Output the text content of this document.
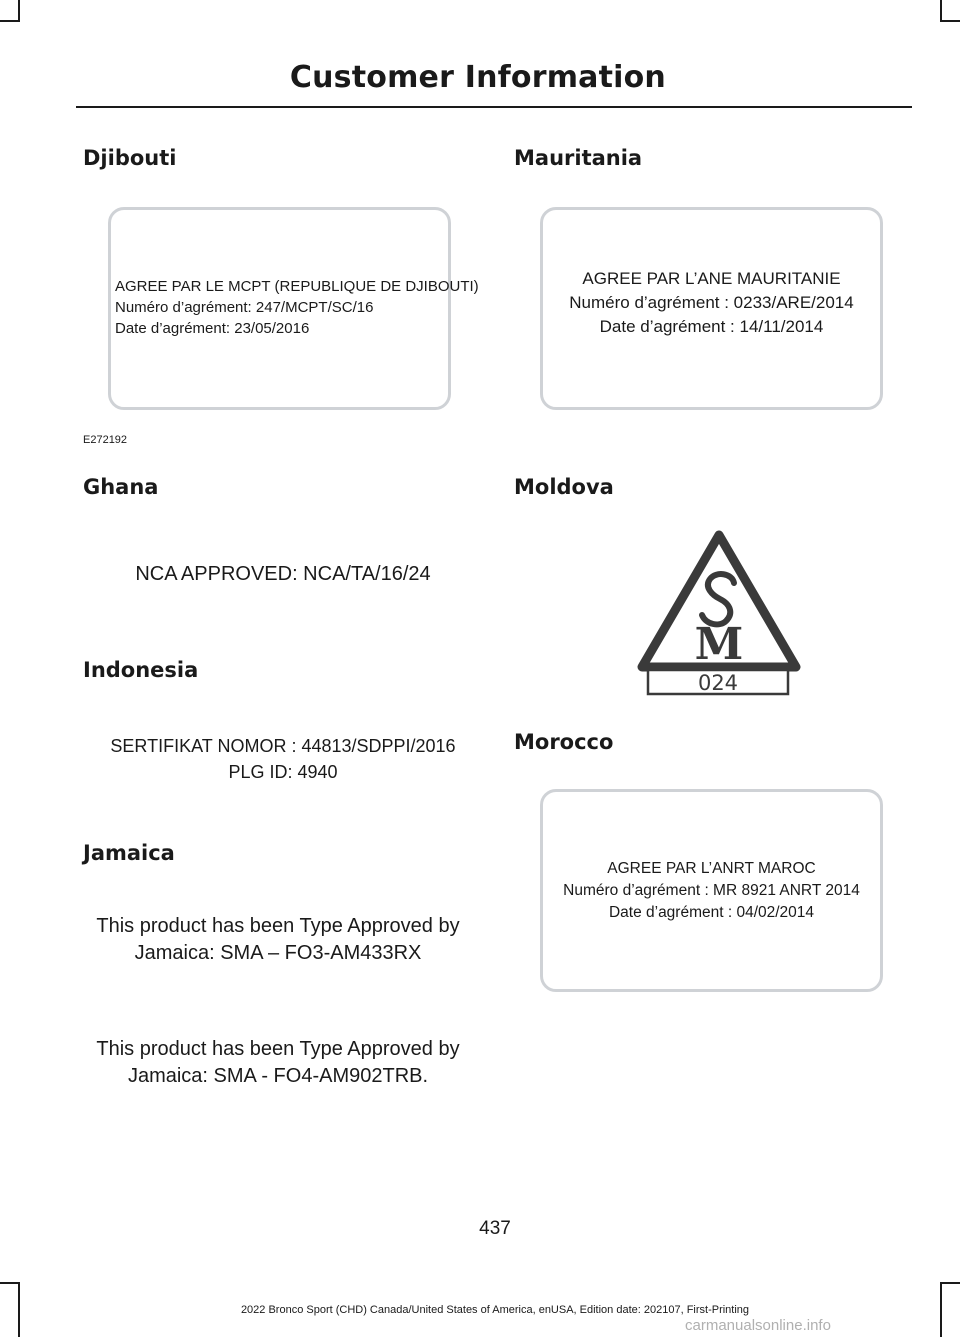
Customer Information
Djibouti
AGREE PAR LE MCPT (REPUBLIQUE DE DJIBOUTI)
Numéro d’agrément: 247/MCPT/SC/16
Date d’agrément: 23/05/2016
E272192
Ghana
NCA APPROVED: NCA/TA/16/24
Indonesia
SERTIFIKAT NOMOR : 44813/SDPPI/2016
PLG ID: 4940
Jamaica
This product has been Type Approved by
Jamaica: SMA – FO3-AM433RX
This product has been Type Approved by
Jamaica: SMA - FO4-AM902TRB.
Mauritania
AGREE PAR L’ANE MAURITANIE
Numéro d’agrément : 0233/ARE/2014
Date d’agrément : 14/11/2014
Moldova
M
024
Morocco
AGREE PAR L’ANRT MAROC
Numéro d’agrément : MR 8921 ANRT 2014
Date d’agrément : 04/02/2014
437
2022 Bronco Sport (CHD) Canada/United States of America, enUSA, Edition date: 202107, First-Printing
carmanualsonline.info
